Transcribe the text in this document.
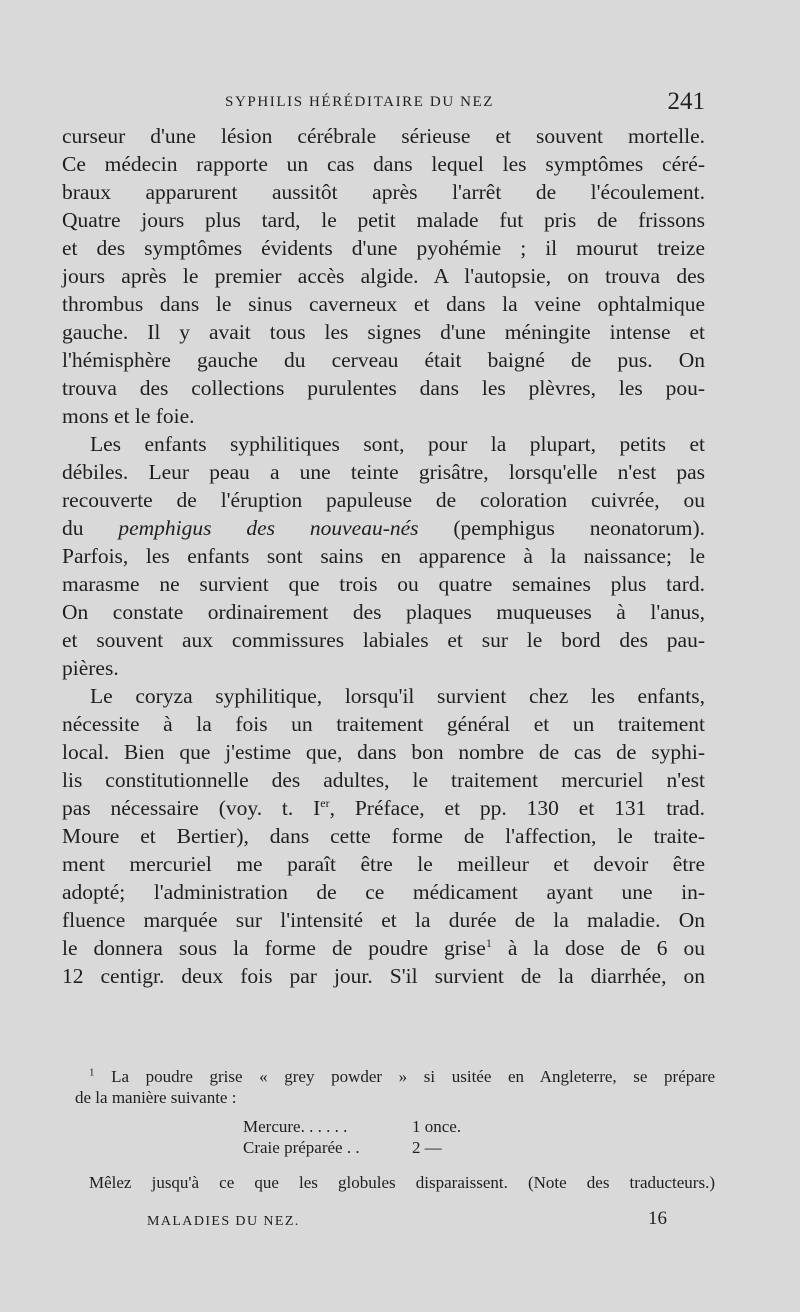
SYPHILIS HÉRÉDITAIRE DU NEZ	241
curseur d'une lésion cérébrale sérieuse et souvent mortelle.
Ce médecin rapporte un cas dans lequel les symptômes céré-
braux apparurent aussitôt après l'arrêt de l'écoulement.
Quatre jours plus tard, le petit malade fut pris de frissons
et des symptômes évidents d'une pyohémie ; il mourut treize
jours après le premier accès algide. A l'autopsie, on trouva des
thrombus dans le sinus caverneux et dans la veine ophtalmique
gauche. Il y avait tous les signes d'une méningite intense et
l'hémisphère gauche du cerveau était baigné de pus. On
trouva des collections purulentes dans les plèvres, les pou-
mons et le foie.
Les enfants syphilitiques sont, pour la plupart, petits et
débiles. Leur peau a une teinte grisâtre, lorsqu'elle n'est pas
recouverte de l'éruption papuleuse de coloration cuivrée, ou
du pemphigus des nouveau-nés (pemphigus neonatorum).
Parfois, les enfants sont sains en apparence à la naissance; le
marasme ne survient que trois ou quatre semaines plus tard.
On constate ordinairement des plaques muqueuses à l'anus,
et souvent aux commissures labiales et sur le bord des pau-
pières.
Le coryza syphilitique, lorsqu'il survient chez les enfants,
nécessite à la fois un traitement général et un traitement
local. Bien que j'estime que, dans bon nombre de cas de syphi-
lis constitutionnelle des adultes, le traitement mercuriel n'est
pas nécessaire (voy. t. Ier, Préface, et pp. 130 et 131 trad.
Moure et Bertier), dans cette forme de l'affection, le traite-
ment mercuriel me paraît être le meilleur et devoir être
adopté; l'administration de ce médicament ayant une in-
fluence marquée sur l'intensité et la durée de la maladie. On
le donnera sous la forme de poudre grise$^1$ à la dose de 6 ou
12 centigr. deux fois par jour. S'il survient de la diarrhée, on
$^1$ La poudre grise « grey powder » si usitée en Angleterre, se prépare
de la manière suivante :
Mercure. . . . . .	1 once.
Craie préparée . .	2 —
Mêlez jusqu'à ce que les globules disparaissent. (Note des traducteurs.)
MALADIES DU NEZ.	16
